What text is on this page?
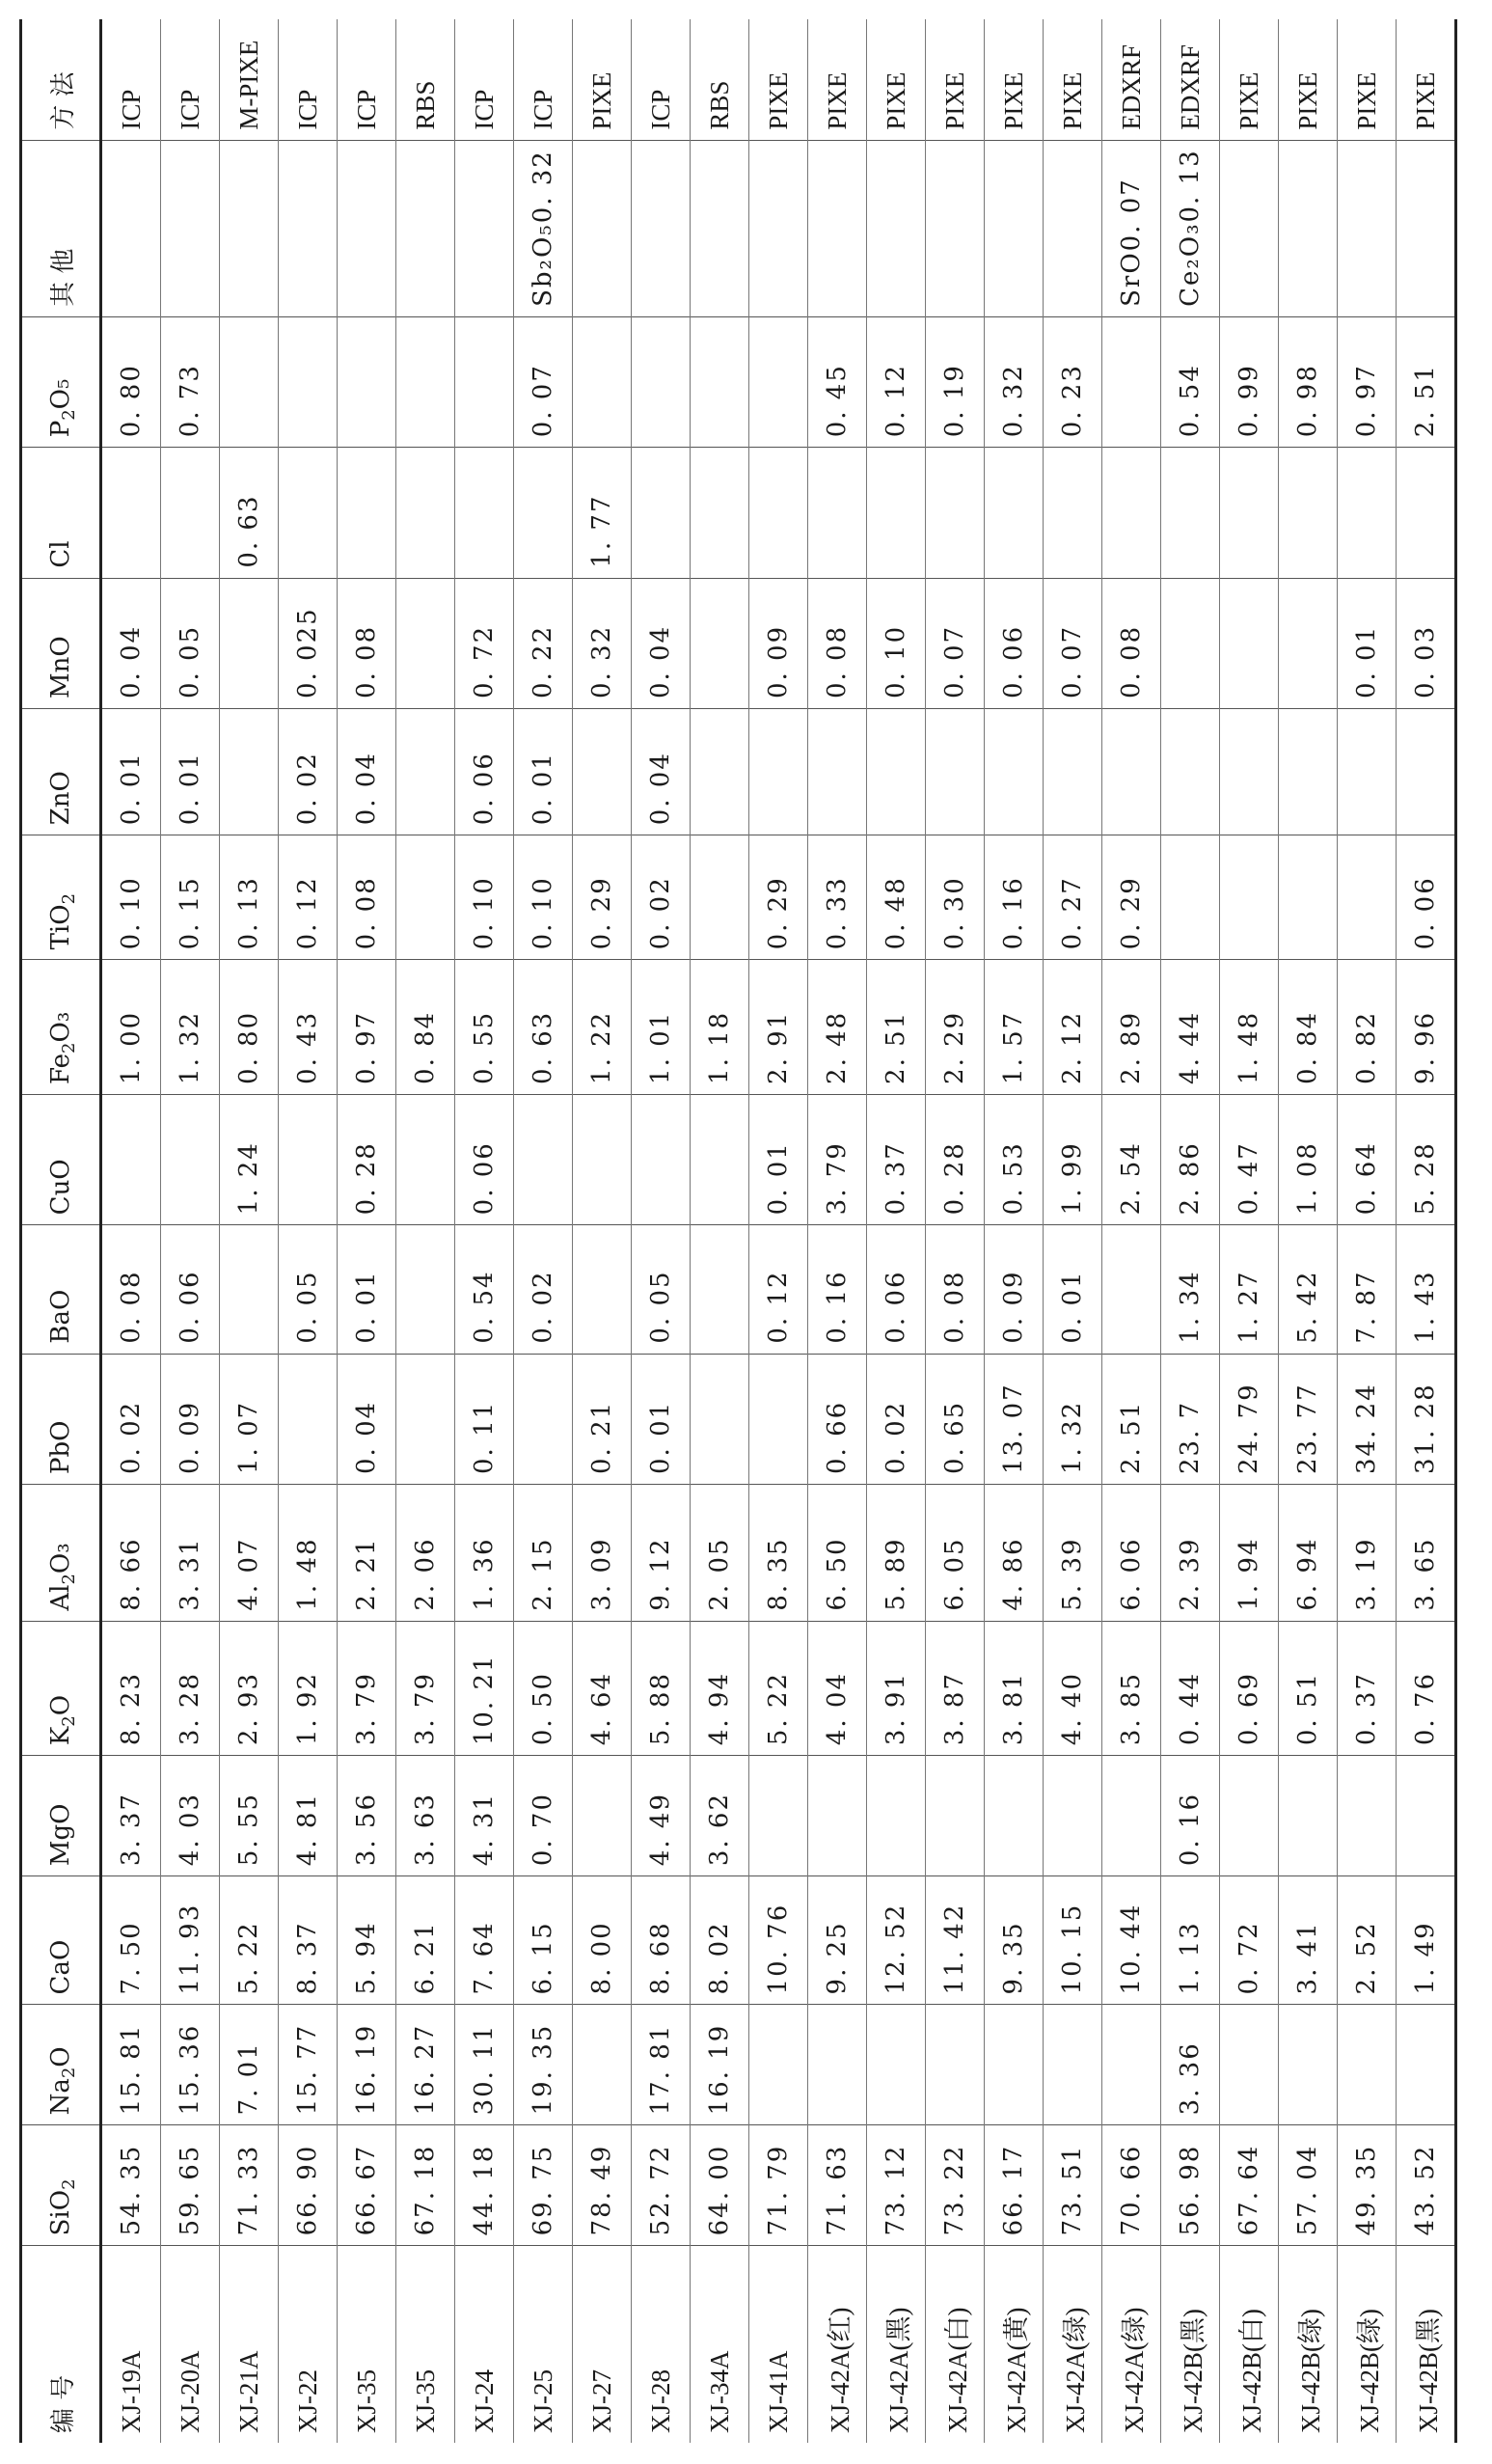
编 号	SiO$_2$	$Na_2O$	CaO	MgO	$K_2O$	$Al_2O_3$	PbO	BaO	CuO	$Fe_2O_3$	TiO$_2$	ZnO	MnO	Cl	$P_2O_5$	其 他	方 法
XJ-19A	54. 35	15. 81	7. 50	3. 37	8. 23	8. 66	0. 02	0. 08		1. 00	0. 10	0. 01	0. 04		0. 80		ICP
XJ-20A	59. 65	15. 36	11. 93	4. 03	3. 28	3. 31	0. 09	0. 06		1. 32	0. 15	0. 01	0. 05		0. 73		ICP
XJ-21A	71. 33	7. 01	5. 22	5. 55	2. 93	4. 07	1. 07		1. 24	0. 80	0. 13			0. 63			M-PIXE
XJ-22	66. 90	15. 77	8. 37	4. 81	1. 92	1. 48		0. 05		0. 43	0. 12	0. 02	0. 025				ICP
XJ-35	66. 67	16. 19	5. 94	3. 56	3. 79	2. 21	0. 04	0. 01	0. 28	0. 97	0. 08	0. 04	0. 08				ICP
XJ-35	67. 18	16. 27	6. 21	3. 63	3. 79	2. 06				0. 84							RBS
XJ-24	44. 18	30. 11	7. 64	4. 31	10. 21	1. 36	0. 11	0. 54	0. 06	0. 55	0. 10	0. 06	0. 72				ICP
XJ-25	69. 75	19. 35	6. 15	0. 70	0. 50	2. 15		0. 02		0. 63	0. 10	0. 01	0. 22		0. 07	Sb₂O₅0. 32	ICP
XJ-27	78. 49		8. 00		4. 64	3. 09	0. 21			1. 22	0. 29		0. 32	1. 77			PIXE
XJ-28	52. 72	17. 81	8. 68	4. 49	5. 88	9. 12	0. 01	0. 05		1. 01	0. 02	0. 04	0. 04				ICP
XJ-34A	64. 00	16. 19	8. 02	3. 62	4. 94	2. 05				1. 18							RBS
XJ-41A	71. 79		10. 76		5. 22	8. 35		0. 12	0. 01	2. 91	0. 29		0. 09				PIXE
XJ-42A(红)	71. 63		9. 25		4. 04	6. 50	0. 66	0. 16	3. 79	2. 48	0. 33		0. 08		0. 45		PIXE
XJ-42A(黑)	73. 12		12. 52		3. 91	5. 89	0. 02	0. 06	0. 37	2. 51	0. 48		0. 10		0. 12		PIXE
XJ-42A(白)	73. 22		11. 42		3. 87	6. 05	0. 65	0. 08	0. 28	2. 29	0. 30		0. 07		0. 19		PIXE
XJ-42A(黄)	66. 17		9. 35		3. 81	4. 86	13. 07	0. 09	0. 53	1. 57	0. 16		0. 06		0. 32		PIXE
XJ-42A(绿)	73. 51		10. 15		4. 40	5. 39	1. 32	0. 01	1. 99	2. 12	0. 27		0. 07		0. 23		PIXE
XJ-42A(绿)	70. 66		10. 44		3. 85	6. 06	2. 51		2. 54	2. 89	0. 29		0. 08			SrO0. 07	EDXRF
XJ-42B(黑)	56. 98	3. 36	1. 13	0. 16	0. 44	2. 39	23. 7	1. 34	2. 86	4. 44					0. 54	Ce₂O₃0. 13	EDXRF
XJ-42B(白)	67. 64		0. 72		0. 69	1. 94	24. 79	1. 27	0. 47	1. 48					0. 99		PIXE
XJ-42B(绿)	57. 04		3. 41		0. 51	6. 94	23. 77	5. 42	1. 08	0. 84					0. 98		PIXE
XJ-42B(绿)	49. 35		2. 52		0. 37	3. 19	34. 24	7. 87	0. 64	0. 82			0. 01		0. 97		PIXE
XJ-42B(黑)	43. 52		1. 49		0. 76	3. 65	31. 28	1. 43	5. 28	9. 96	0. 06		0. 03		2. 51		PIXE
